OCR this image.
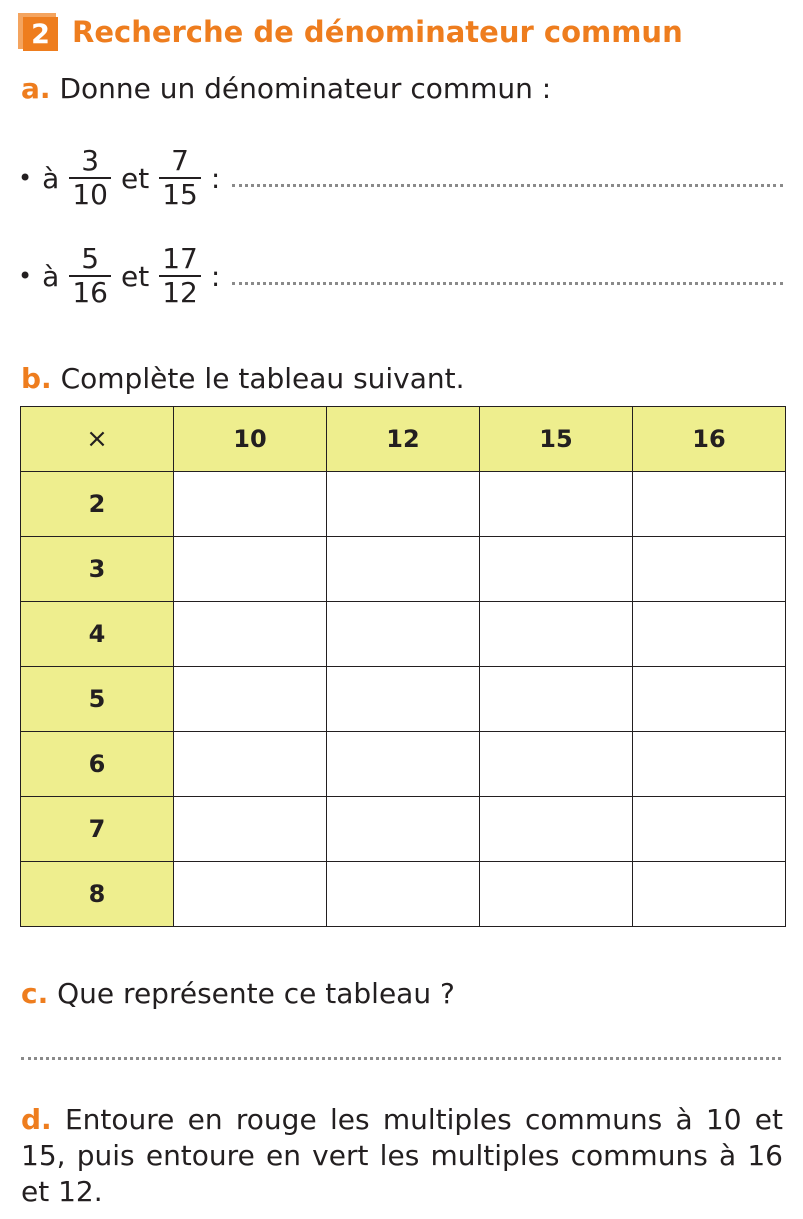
2 Recherche de dénominateur commun
a. Donne un dénominateur commun :
• à $\frac{3}{10}$ et $\frac{7}{15}$ :
• à $\frac{5}{16}$ et $\frac{17}{12}$ :
b. Complète le tableau suivant.
×	10	12	15	16
2				
3				
4				
5				
6				
7				
8				
c. Que représente ce tableau ?
d. Entoure en rouge les multiples communs à 10 et 15, puis entoure en vert les multiples communs à 16 et 12.
